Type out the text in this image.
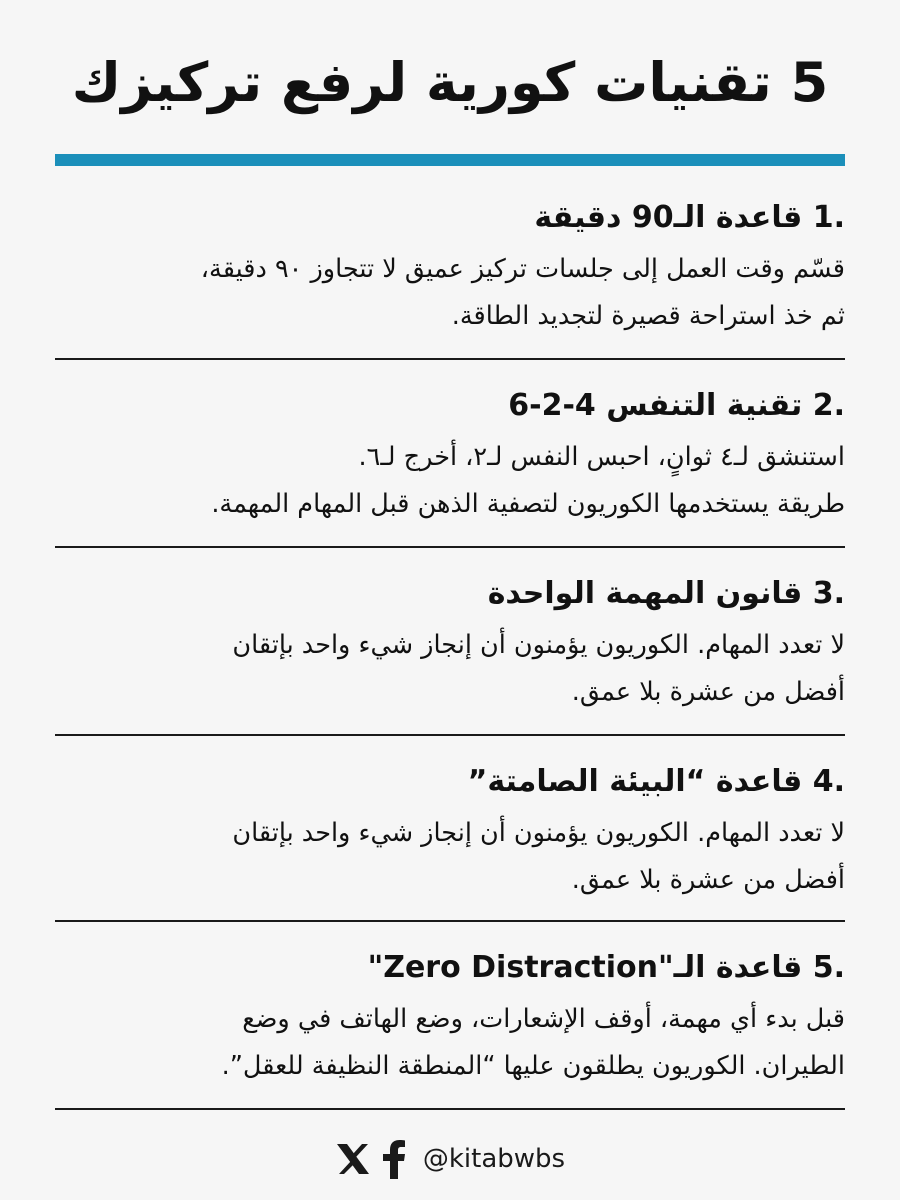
5 تقنيات كورية لرفع تركيزك
.1 قاعدة الـ90 دقيقة
قسّم وقت العمل إلى جلسات تركيز عميق لا تتجاوز ٩٠ دقيقة،
ثم خذ استراحة قصيرة لتجديد الطاقة.
.2 تقنية التنفس 4-2-6
استنشق لـ٤ ثوانٍ، احبس النفس لـ٢، أخرج لـ٦.
طريقة يستخدمها الكوريون لتصفية الذهن قبل المهام المهمة.
.3 قانون المهمة الواحدة
لا تعدد المهام. الكوريون يؤمنون أن إنجاز شيء واحد بإتقان
أفضل من عشرة بلا عمق.
.4 قاعدة “البيئة الصامتة”
لا تعدد المهام. الكوريون يؤمنون أن إنجاز شيء واحد بإتقان
أفضل من عشرة بلا عمق.
.5 قاعدة الـ"Zero Distraction"
قبل بدء أي مهمة، أوقف الإشعارات، وضع الهاتف في وضع
الطيران. الكوريون يطلقون عليها “المنطقة النظيفة للعقل”.
@kitabwbs
